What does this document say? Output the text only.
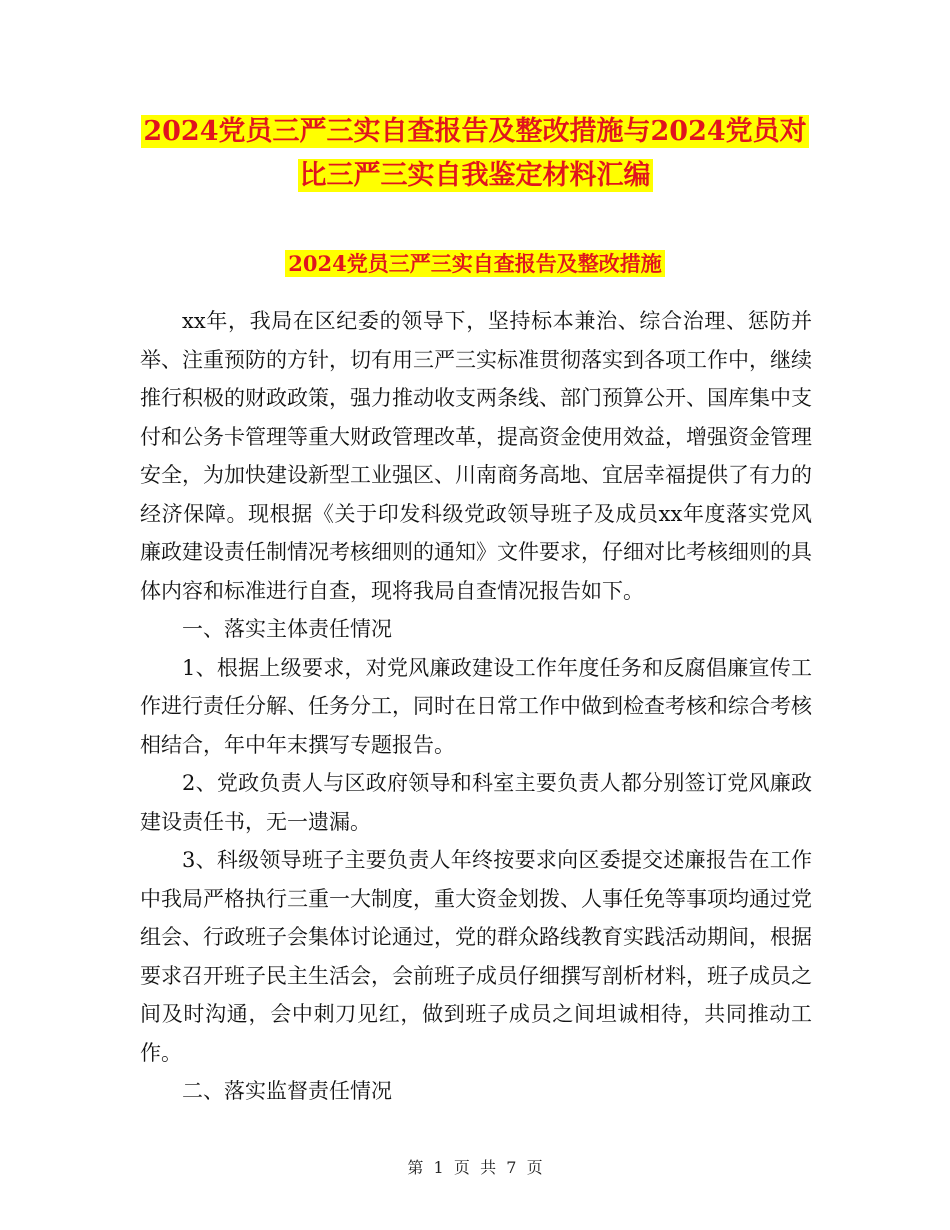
2024党员三严三实自查报告及整改措施与2024党员对
比三严三实自我鉴定材料汇编
2024党员三严三实自查报告及整改措施

xx年，我局在区纪委的领导下，坚持标本兼治、综合治理、惩防并举、注重预防的方针，切有用三严三实标准贯彻落实到各项工作中，继续推行积极的财政政策，强力推动收支两条线、部门预算公开、国库集中支付和公务卡管理等重大财政管理改革，提高资金使用效益，增强资金管理安全，为加快建设新型工业强区、川南商务高地、宜居幸福提供了有力的经济保障。现根据《关于印发科级党政领导班子及成员xx年度落实党风廉政建设责任制情况考核细则的通知》文件要求，仔细对比考核细则的具体内容和标准进行自查，现将我局自查情况报告如下。

一、落实主体责任情况

1、根据上级要求，对党风廉政建设工作年度任务和反腐倡廉宣传工作进行责任分解、任务分工，同时在日常工作中做到检查考核和综合考核相结合，年中年末撰写专题报告。

2、党政负责人与区政府领导和科室主要负责人都分别签订党风廉政建设责任书，无一遗漏。

3、科级领导班子主要负责人年终按要求向区委提交述廉报告在工作中我局严格执行三重一大制度，重大资金划拨、人事任免等事项均通过党组会、行政班子会集体讨论通过，党的群众路线教育实践活动期间，根据要求召开班子民主生活会，会前班子成员仔细撰写剖析材料，班子成员之间及时沟通，会中刺刀见红，做到班子成员之间坦诚相待，共同推动工作。

二、落实监督责任情况

第  1  页  共  7  页
